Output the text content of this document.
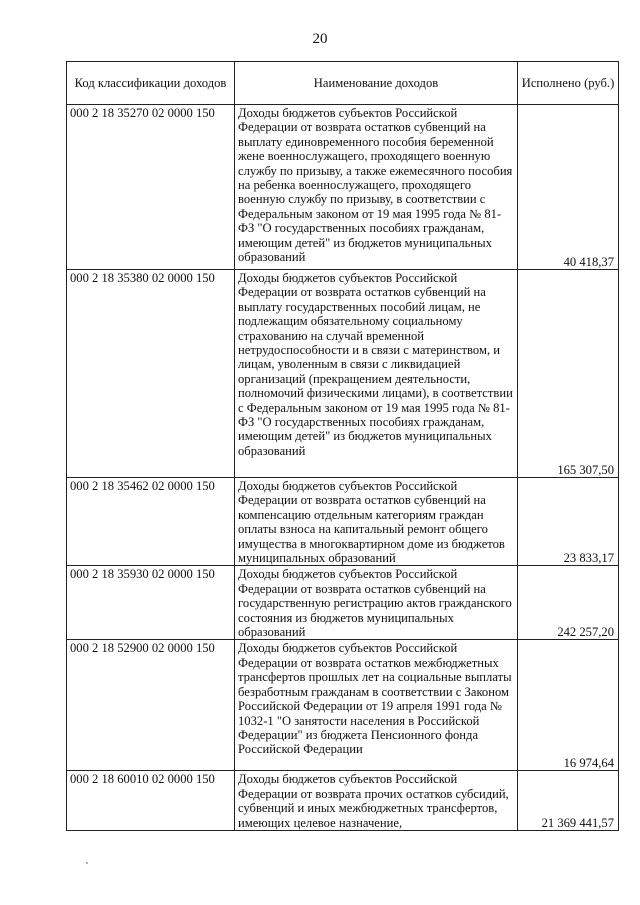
20
Код классификации доходов	Наименование доходов	Исполнено (руб.)
000 2 18 35270 02 0000 150	Доходы бюджетов субъектов Российской Федерации от возврата остатков субвенций на выплату единовременного пособия беременной жене военнослужащего, проходящего военную службу по призыву, а также ежемесячного пособия на ребенка военнослужащего, проходящего военную службу по призыву, в соответствии с Федеральным законом от 19 мая 1995 года № 81-ФЗ "О государственных пособиях гражданам, имеющим детей" из бюджетов муниципальных образований	40 418,37
000 2 18 35380 02 0000 150	Доходы бюджетов субъектов Российской Федерации от возврата остатков субвенций на выплату государственных пособий лицам, не подлежащим обязательному социальному страхованию на случай временной нетрудоспособности и в связи с материнством, и лицам, уволенным в связи с ликвидацией организаций (прекращением деятельности, полномочий физическими лицами), в соответствии с Федеральным законом от 19 мая 1995 года № 81-ФЗ "О государственных пособиях гражданам, имеющим детей" из бюджетов муниципальных образований	165 307,50
000 2 18 35462 02 0000 150	Доходы бюджетов субъектов Российской Федерации от возврата остатков субвенций на компенсацию отдельным категориям граждан оплаты взноса на капитальный ремонт общего имущества в многоквартирном доме из бюджетов муниципальных образований	23 833,17
000 2 18 35930 02 0000 150	Доходы бюджетов субъектов Российской Федерации от возврата остатков субвенций на государственную регистрацию актов гражданского состояния из бюджетов муниципальных образований	242 257,20
000 2 18 52900 02 0000 150	Доходы бюджетов субъектов Российской Федерации от возврата остатков межбюджетных трансфертов прошлых лет на социальные выплаты безработным гражданам в соответствии с Законом Российской Федерации от 19 апреля 1991 года № 1032-1 "О занятости населения в Российской Федерации" из бюджета Пенсионного фонда Российской Федерации	16 974,64
000 2 18 60010 02 0000 150	Доходы бюджетов субъектов Российской Федерации от возврата прочих остатков субсидий, субвенций и иных межбюджетных трансфертов, имеющих целевое назначение,	21 369 441,57
